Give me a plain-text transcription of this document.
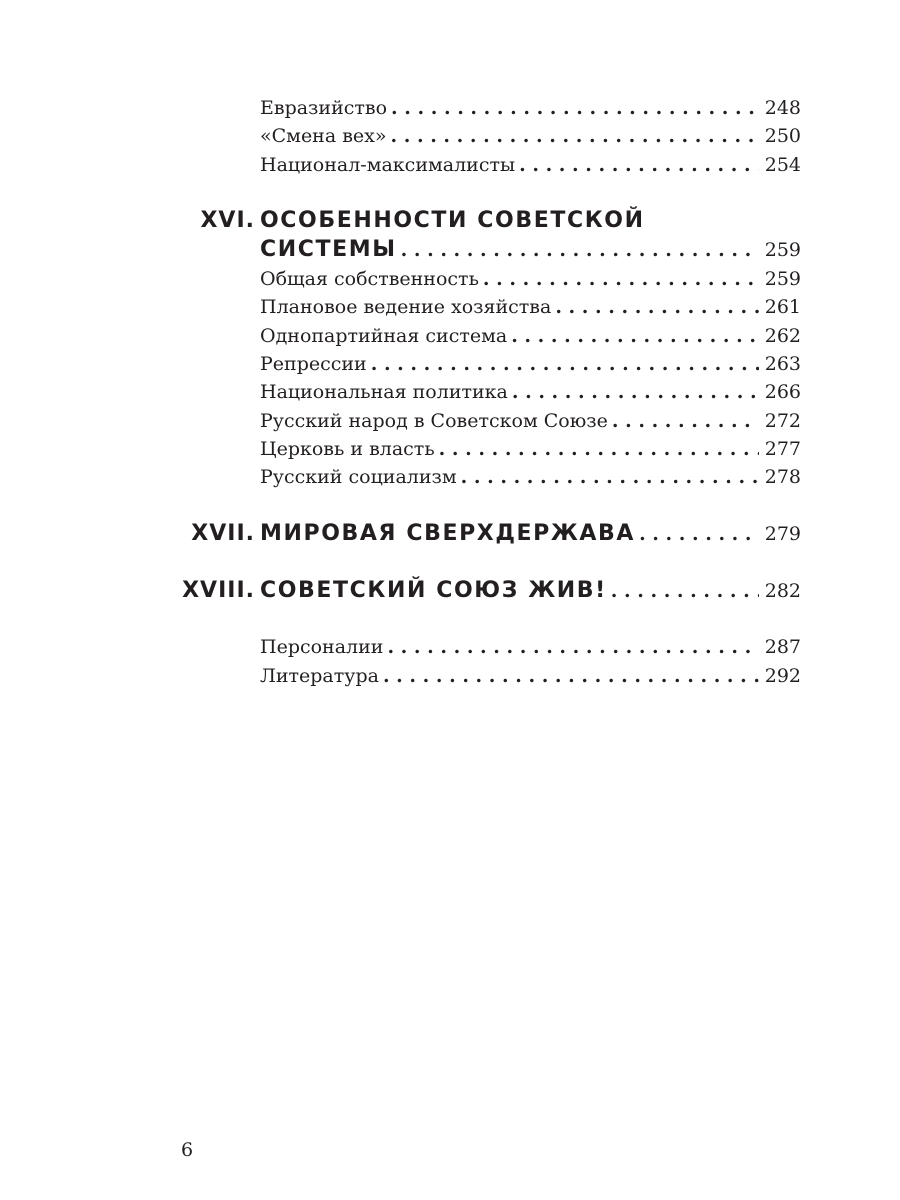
Евразийство . . .	248
«Смена вех» . . .	250
Национал-максималисты . . .	254
XVI. ОСОБЕННОСТИ СОВЕТСКОЙ
СИСТЕМЫ . . .	259
Общая собственность . . .	259
Плановое ведение хозяйства . . .	261
Однопартийная система . . .	262
Репрессии . . .	263
Национальная политика . . .	266
Русский народ в Советском Союзе . . .	272
Церковь и власть . . .	277
Русский социализм . . .	278
XVII. МИРОВАЯ СВЕРХДЕРЖАВА . . .	279
XVIII. СОВЕТСКИЙ СОЮЗ ЖИВ! . . .	282
Персоналии . . .	287
Литература . . .	292
6
